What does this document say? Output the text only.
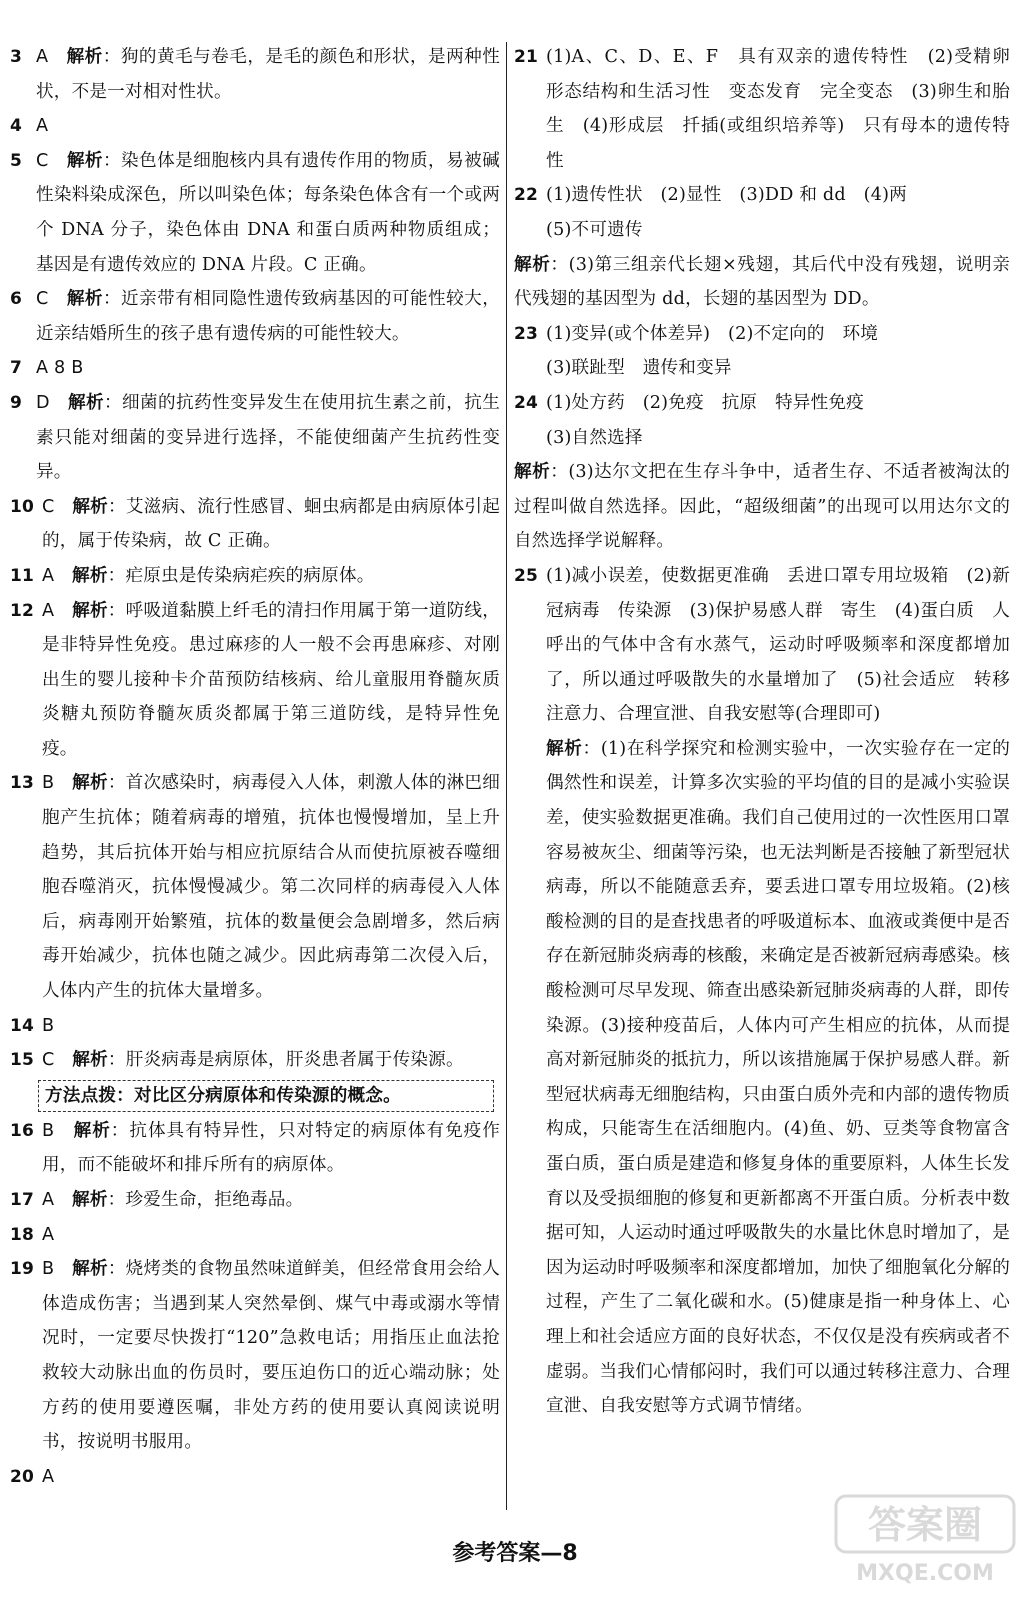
3 A　 解析：狗的黄毛与卷毛，是毛的颜色和形状，是两种性状，不是一对相对性状。
4 A
5 C　 解析：染色体是细胞核内具有遗传作用的物质，易被碱性染料染成深色，所以叫染色体；每条染色体含有一个或两个 DNA 分子，染色体由 DNA 和蛋白质两种物质组成；基因是有遗传效应的 DNA 片段。C 正确。
6 C　 解析：近亲带有相同隐性遗传致病基因的可能性较大，近亲结婚所生的孩子患有遗传病的可能性较大。
7 A 8 B
9 D　 解析：细菌的抗药性变异发生在使用抗生素之前，抗生素只能对细菌的变异进行选择，不能使细菌产生抗药性变异。
10 C　 解析：艾滋病、流行性感冒、蛔虫病都是由病原体引起的，属于传染病，故 C 正确。
11 A　 解析：疟原虫是传染病疟疾的病原体。
12 A　 解析：呼吸道黏膜上纤毛的清扫作用属于第一道防线，是非特异性免疫。患过麻疹的人一般不会再患麻疹、对刚出生的婴儿接种卡介苗预防结核病、给儿童服用脊髓灰质炎糖丸预防脊髓灰质炎都属于第三道防线，是特异性免疫。
13 B　 解析：首次感染时，病毒侵入人体，刺激人体的淋巴细胞产生抗体；随着病毒的增殖，抗体也慢慢增加，呈上升趋势，其后抗体开始与相应抗原结合从而使抗原被吞噬细胞吞噬消灭，抗体慢慢减少。第二次同样的病毒侵入人体后，病毒刚开始繁殖，抗体的数量便会急剧增多，然后病毒开始减少，抗体也随之减少。因此病毒第二次侵入后，人体内产生的抗体大量增多。
14 B
15 C　 解析：肝炎病毒是病原体，肝炎患者属于传染源。
方法点拨：对比区分病原体和传染源的概念。
16 B　 解析：抗体具有特异性，只对特定的病原体有免疫作用，而不能破坏和排斥所有的病原体。
17 A　 解析：珍爱生命，拒绝毒品。
18 A
19 B　 解析：烧烤类的食物虽然味道鲜美，但经常食用会给人体造成伤害；当遇到某人突然晕倒、煤气中毒或溺水等情况时，一定要尽快拨打“120”急救电话；用指压止血法抢救较大动脉出血的伤员时，要压迫伤口的近心端动脉；处方药的使用要遵医嘱，非处方药的使用要认真阅读说明书，按说明书服用。
20 A
21 (1)A、C、D、E、F　具有双亲的遗传特性　(2)受精卵　形态结构和生活习性　变态发育　完全变态　(3)卵生和胎生　(4)形成层　扦插(或组织培养等)　只有母本的遗传特性
22 (1)遗传性状　(2)显性　(3)DD 和 dd　(4)两
(5)不可遗传
解析：(3)第三组亲代长翅×残翅，其后代中没有残翅，说明亲代残翅的基因型为 dd，长翅的基因型为 DD。
23 (1)变异(或个体差异)　(2)不定向的　环境
(3)联趾型　遗传和变异
24 (1)处方药　(2)免疫　抗原　特异性免疫
(3)自然选择
解析：(3)达尔文把在生存斗争中，适者生存、不适者被淘汰的过程叫做自然选择。因此，“超级细菌”的出现可以用达尔文的自然选择学说解释。
25 (1)减小误差，使数据更准确　丢进口罩专用垃圾箱　(2)新冠病毒　传染源　(3)保护易感人群　寄生　(4)蛋白质　人呼出的气体中含有水蒸气，运动时呼吸频率和深度都增加了，所以通过呼吸散失的水量增加了　(5)社会适应　转移注意力、合理宣泄、自我安慰等(合理即可)
解析：(1)在科学探究和检测实验中，一次实验存在一定的偶然性和误差，计算多次实验的平均值的目的是减小实验误差，使实验数据更准确。我们自己使用过的一次性医用口罩容易被灰尘、细菌等污染，也无法判断是否接触了新型冠状病毒，所以不能随意丢弃，要丢进口罩专用垃圾箱。(2)核酸检测的目的是查找患者的呼吸道标本、血液或粪便中是否存在新冠肺炎病毒的核酸，来确定是否被新冠病毒感染。核酸检测可尽早发现、筛查出感染新冠肺炎病毒的人群，即传染源。(3)接种疫苗后，人体内可产生相应的抗体，从而提高对新冠肺炎的抵抗力，所以该措施属于保护易感人群。新型冠状病毒无细胞结构，只由蛋白质外壳和内部的遗传物质构成，只能寄生在活细胞内。(4)鱼、奶、豆类等食物富含蛋白质，蛋白质是建造和修复身体的重要原料，人体生长发育以及受损细胞的修复和更新都离不开蛋白质。分析表中数据可知，人运动时通过呼吸散失的水量比休息时增加了，是因为运动时呼吸频率和深度都增加，加快了细胞氧化分解的过程，产生了二氧化碳和水。(5)健康是指一种身体上、心理上和社会适应方面的良好状态，不仅仅是没有疾病或者不虚弱。当我们心情郁闷时，我们可以通过转移注意力、合理宣泄、自我安慰等方式调节情绪。
参考答案—8
答案圈
MXQE.COM
